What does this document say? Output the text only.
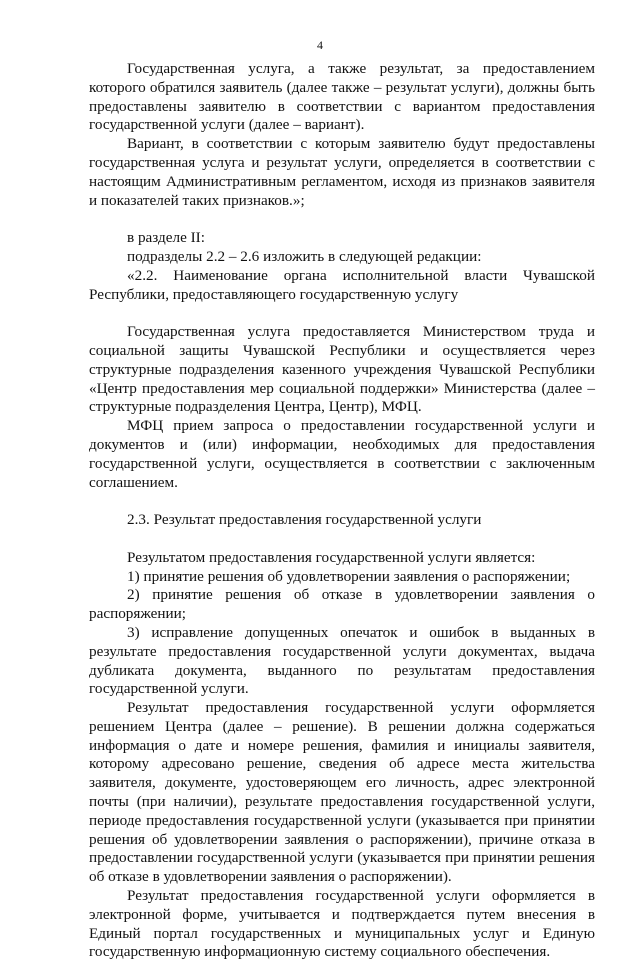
4

Государственная услуга, а также результат, за предоставлением которого обратился заявитель (далее также – результат услуги), должны быть предоставлены заявителю в соответствии с вариантом предоставления государственной услуги (далее – вариант).

Вариант, в соответствии с которым заявителю будут предоставлены государственная услуга и результат услуги, определяется в соответствии с настоящим Административным регламентом, исходя из признаков заявителя и показателей таких признаков.»;

в разделе II:

подразделы 2.2 – 2.6 изложить в следующей редакции:

«2.2. Наименование органа исполнительной власти Чувашской Республики, предоставляющего государственную услугу

Государственная услуга предоставляется Министерством труда и социальной защиты Чувашской Республики и осуществляется через структурные подразделения казенного учреждения Чувашской Республики «Центр предоставления мер социальной поддержки» Министерства (далее – структурные подразделения Центра, Центр), МФЦ.

МФЦ прием запроса о предоставлении государственной услуги и документов и (или) информации, необходимых для предоставления государственной услуги, осуществляется в соответствии с заключенным соглашением.

2.3. Результат предоставления государственной услуги

Результатом предоставления государственной услуги является:

1) принятие решения об удовлетворении заявления о распоряжении;

2) принятие решения об отказе в удовлетворении заявления о распоряжении;

3) исправление допущенных опечаток и ошибок в выданных в результате предоставления государственной услуги документах, выдача дубликата документа, выданного по результатам предоставления государственной услуги.

Результат предоставления государственной услуги оформляется решением Центра (далее – решение). В решении должна содержаться информация о дате и номере решения, фамилия и инициалы заявителя, которому адресовано решение, сведения об адресе места жительства заявителя, документе, удостоверяющем его личность, адрес электронной почты (при наличии), результате предоставления государственной услуги, периоде предоставления государственной услуги (указывается при принятии решения об удовлетворении заявления о распоряжении), причине отказа в предоставлении государственной услуги (указывается при принятии решения об отказе в удовлетворении заявления о распоряжении).

Результат предоставления государственной услуги оформляется в электронной форме, учитывается и подтверждается путем внесения в Единый портал государственных и муниципальных услуг и Единую государственную информационную систему социального обеспечения.
